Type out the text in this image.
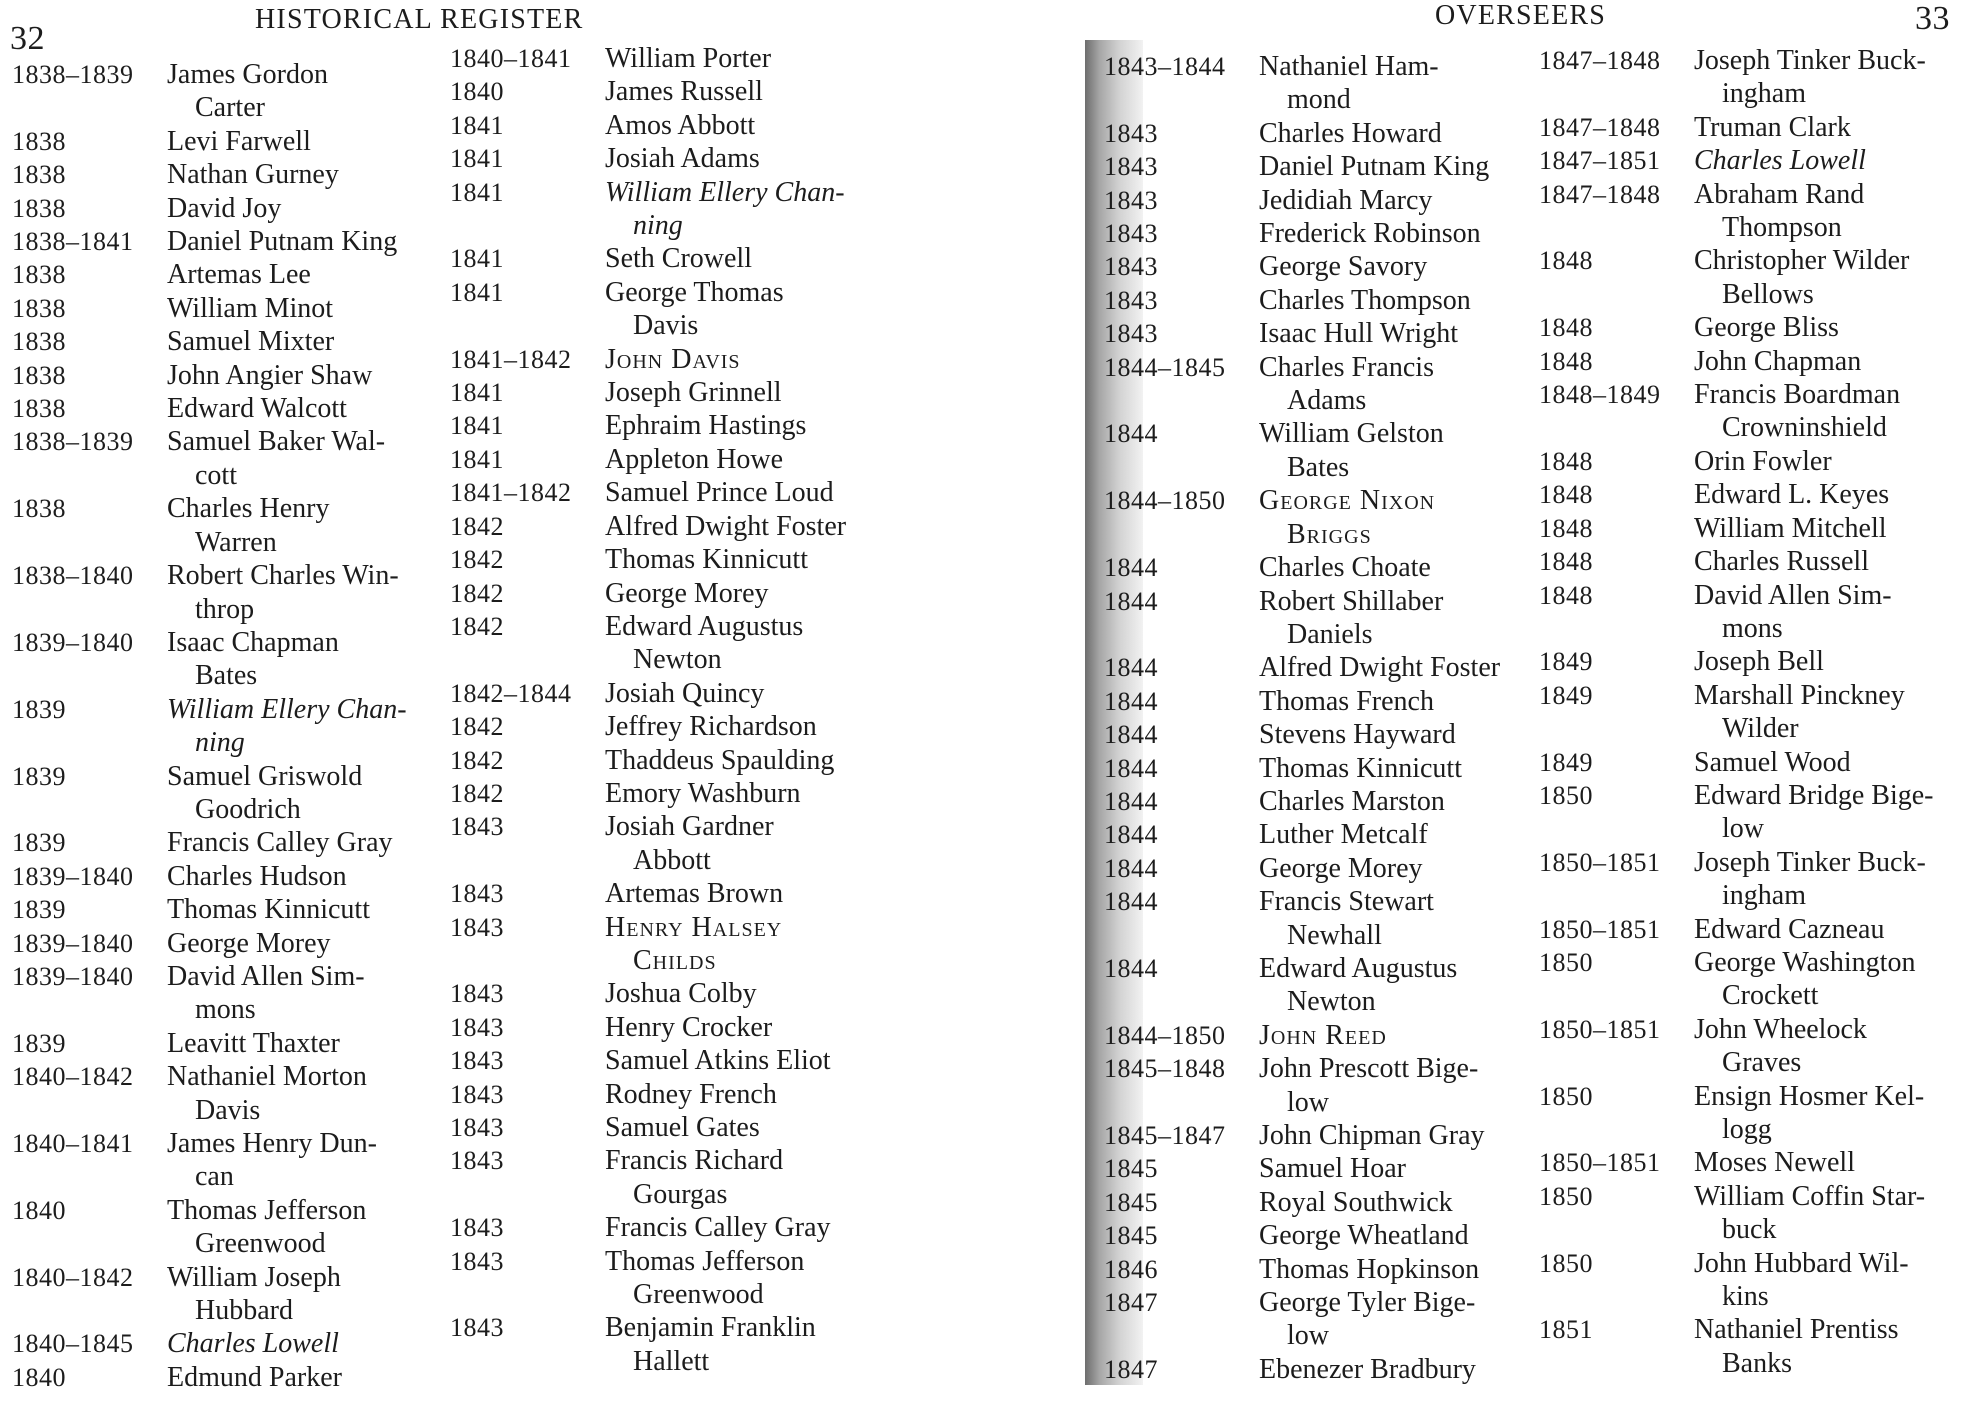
32
HISTORICAL REGISTER
1838–1839 James Gordon
Carter
1838	Levi Farwell
1838	Nathan Gurney
1838	David Joy
1838–1841	Daniel Putnam King
1838	Artemas Lee
1838	William Minot
1838	Samuel Mixter
1838	John Angier Shaw
1838	Edward Walcott
1838–1839 Samuel Baker Wal-
cott
1838	Charles Henry
Warren
1838–1840 Robert Charles Win-
throp
1839–1840 Isaac Chapman
Bates
1839	William Ellery Chan-
ning
1839	Samuel Griswold
Goodrich
1839	Francis Calley Gray
1839–1840	Charles Hudson
1839	Thomas Kinnicutt
1839–1840	George Morey
1839–1840 David Allen Sim-
mons
1839	Leavitt Thaxter
1840–1842 Nathaniel Morton
Davis
1840–1841 James Henry Dun-
can
1840	Thomas Jefferson
Greenwood
1840–1842 William Joseph
Hubbard
1840–1845	Charles Lowell
1840	Edmund Parker
1840–1841	William Porter
1840	James Russell
1841	Amos Abbott
1841	Josiah Adams
1841	William Ellery Chan-
ning
1841	Seth Crowell
1841	George Thomas
Davis
1841–1842	John Davis
1841	Joseph Grinnell
1841	Ephraim Hastings
1841	Appleton Howe
1841–1842	Samuel Prince Loud
1842	Alfred Dwight Foster
1842	Thomas Kinnicutt
1842	George Morey
1842	Edward Augustus
Newton
1842–1844	Josiah Quincy
1842	Jeffrey Richardson
1842	Thaddeus Spaulding
1842	Emory Washburn
1843	Josiah Gardner
Abbott
1843	Artemas Brown
1843	Henry Halsey
Childs
1843	Joshua Colby
1843	Henry Crocker
1843	Samuel Atkins Eliot
1843	Rodney French
1843	Samuel Gates
1843	Francis Richard
Gourgas
1843	Francis Calley Gray
1843	Thomas Jefferson
Greenwood
1843	Benjamin Franklin
Hallett
OVERSEERS	33
1843–1844 Nathaniel Ham-
mond
1843	Charles Howard
1843	Daniel Putnam King
1843	Jedidiah Marcy
1843	Frederick Robinson
1843	George Savory
1843	Charles Thompson
1843	Isaac Hull Wright
1844–1845 Charles Francis
Adams
1844	William Gelston
Bates
1844–1850 George Nixon
Briggs
1844	Charles Choate
1844	Robert Shillaber
Daniels
1844	Alfred Dwight Foster
1844	Thomas French
1844	Stevens Hayward
1844	Thomas Kinnicutt
1844	Charles Marston
1844	Luther Metcalf
1844	George Morey
1844	Francis Stewart
Newhall
1844	Edward Augustus
Newton
1844–1850	John Reed
1845–1848 John Prescott Bige-
low
1845–1847	John Chipman Gray
1845	Samuel Hoar
1845	Royal Southwick
1845	George Wheatland
1846	Thomas Hopkinson
1847	George Tyler Bige-
low
1847	Ebenezer Bradbury
1847–1848 Joseph Tinker Buck-
ingham
1847–1848	Truman Clark
1847–1851	Charles Lowell
1847–1848 Abraham Rand
Thompson
1848	Christopher Wilder
Bellows
1848	George Bliss
1848	John Chapman
1848–1849 Francis Boardman
Crowninshield
1848	Orin Fowler
1848	Edward L. Keyes
1848	William Mitchell
1848	Charles Russell
1848	David Allen Sim-
mons
1849	Joseph Bell
1849	Marshall Pinckney
Wilder
1849	Samuel Wood
1850	Edward Bridge Bige-
low
1850–1851 Joseph Tinker Buck-
ingham
1850–1851	Edward Cazneau
1850	George Washington
Crockett
1850–1851 John Wheelock
Graves
1850	Ensign Hosmer Kel-
logg
1850–1851	Moses Newell
1850	William Coffin Star-
buck
1850	John Hubbard Wil-
kins
1851	Nathaniel Prentiss
Banks
